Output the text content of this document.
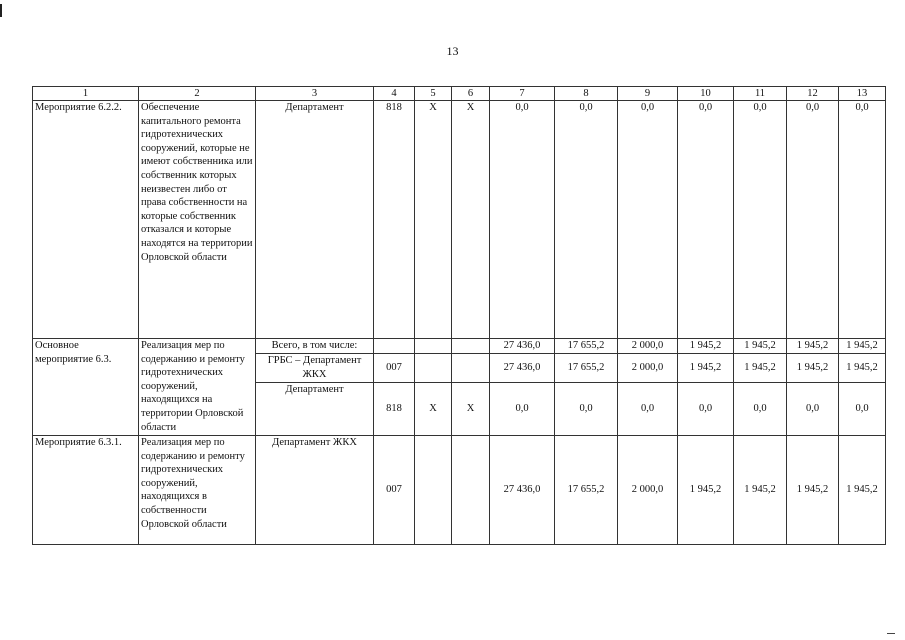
13
1	2	3	4	5	6	7	8	9	10	11	12	13
Мероприятие 6.2.2.	Обеспечение капитального ремонта гидротехнических сооружений, которые не имеют собственника или собственник которых неизвестен либо от права собственности на которые собственник отказался и которые находятся на территории Орловской области	Департамент	818	X	X	0,0	0,0	0,0	0,0	0,0	0,0	0,0
Основное мероприятие 6.3.	Реализация мер по содержанию и ремонту гидротехнических сооружений, находящихся на территории Орловской области	Всего, в том числе:				27 436,0	17 655,2	2 000,0	1 945,2	1 945,2	1 945,2	1 945,2
		ГРБС – Департамент ЖКХ	007			27 436,0	17 655,2	2 000,0	1 945,2	1 945,2	1 945,2	1 945,2
		Департамент	818	X	X	0,0	0,0	0,0	0,0	0,0	0,0	0,0
Мероприятие 6.3.1.	Реализация мер по содержанию и ремонту гидротехнических сооружений, находящихся в собственности Орловской области	Департамент ЖКХ	007			27 436,0	17 655,2	2 000,0	1 945,2	1 945,2	1 945,2	1 945,2
